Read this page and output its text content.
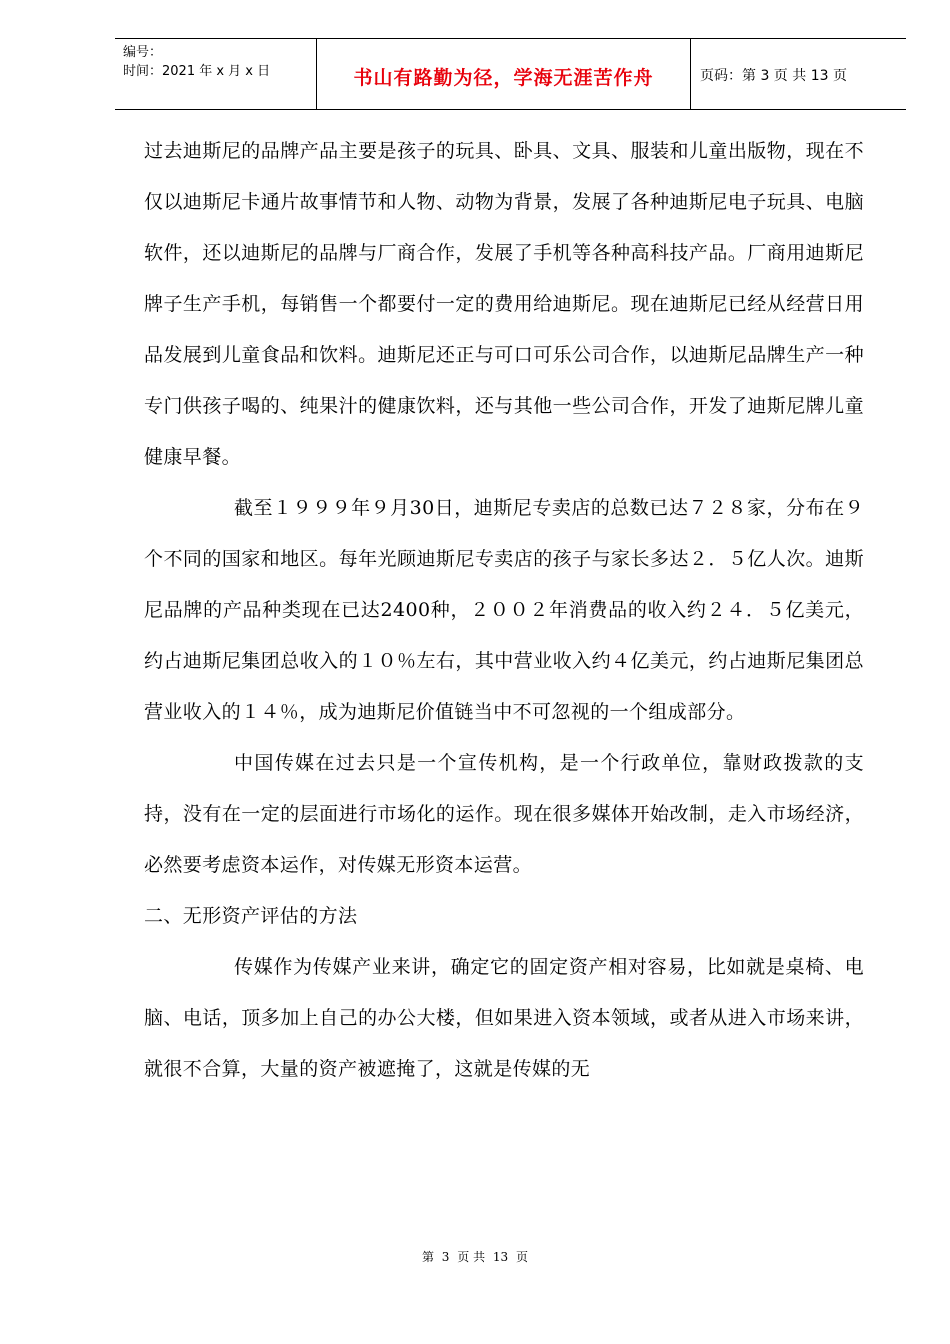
编号：
时间：2021 年 x 月 x 日	书山有路勤为径，学海无涯苦作舟	页码：第 3 页 共 13 页

过去迪斯尼的品牌产品主要是孩子的玩具、卧具、文具、服装和儿童出版物，现在不仅以迪斯尼卡通片故事情节和人物、动物为背景，发展了各种迪斯尼电子玩具、电脑软件，还以迪斯尼的品牌与厂商合作，发展了手机等各种高科技产品。厂商用迪斯尼牌子生产手机，每销售一个都要付一定的费用给迪斯尼。现在迪斯尼已经从经营日用品发展到儿童食品和饮料。迪斯尼还正与可口可乐公司合作，以迪斯尼品牌生产一种专门供孩子喝的、纯果汁的健康饮料，还与其他一些公司合作，开发了迪斯尼牌儿童健康早餐。

截至１９９９年９月30日，迪斯尼专卖店的总数已达７２８家，分布在９个不同的国家和地区。每年光顾迪斯尼专卖店的孩子与家长多达２．５亿人次。迪斯尼品牌的产品种类现在已达2400种，２００２年消费品的收入约２４．５亿美元，约占迪斯尼集团总收入的１０％左右，其中营业收入约４亿美元，约占迪斯尼集团总营业收入的１４％，成为迪斯尼价值链当中不可忽视的一个组成部分。

中国传媒在过去只是一个宣传机构，是一个行政单位，靠财政拨款的支持，没有在一定的层面进行市场化的运作。现在很多媒体开始改制，走入市场经济，必然要考虑资本运作，对传媒无形资本运营。

二、无形资产评估的方法

传媒作为传媒产业来讲，确定它的固定资产相对容易，比如就是桌椅、电脑、电话，顶多加上自己的办公大楼，但如果进入资本领域，或者从进入市场来讲，就很不合算，大量的资产被遮掩了，这就是传媒的无

第 3 页 共 13 页
